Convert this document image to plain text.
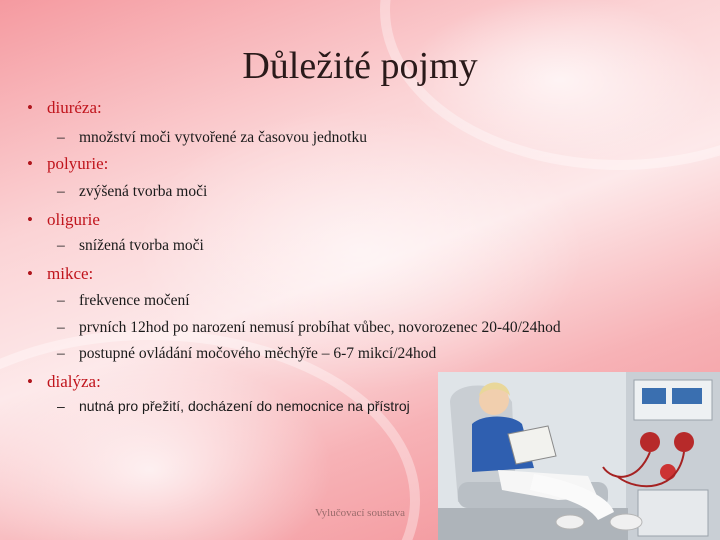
Důležité pojmy
• diuréza:
– množství moči vytvořené za časovou jednotku
• polyurie:
– zvýšená tvorba moči
• oligurie
– snížená tvorba moči
• mikce:
– frekvence močení
– prvních 12hod po narození nemusí probíhat vůbec, novorozenec 20-40/24hod
– postupné ovládání močového měchýře – 6-7 mikcí/24hod
• dialýza:
– nutná pro přežití, docházení do nemocnice na přístroj
Vylučovací soustava
